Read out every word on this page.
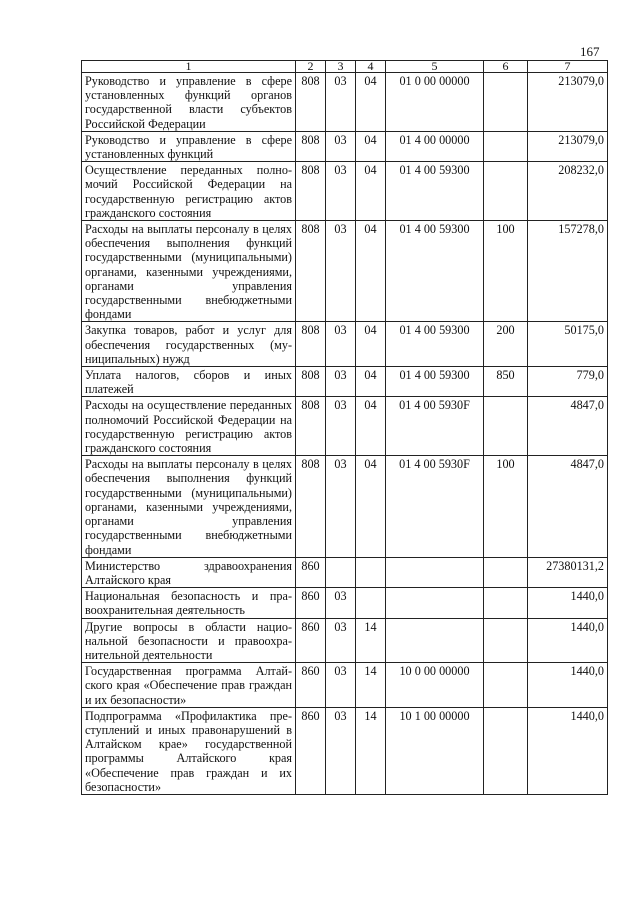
167
1	2	3	4	5	6	7
Руководство и управление в сфере установленных функций органов государственной власти субъектов Российской Федерации	808	03	04	01 0 00 00000		213079,0
Руководство и управление в сфере установленных функций	808	03	04	01 4 00 00000		213079,0
Осуществление переданных полномочий Российской Федерации на государственную регистрацию актов гражданского состояния	808	03	04	01 4 00 59300		208232,0
Расходы на выплаты персоналу в целях обеспечения выполнения функций государственными (муниципальными) органами, казенными учреждениями, органами управления государственными внебюджетными фондами	808	03	04	01 4 00 59300	100	157278,0
Закупка товаров, работ и услуг для обеспечения государственных (муниципальных) нужд	808	03	04	01 4 00 59300	200	50175,0
Уплата налогов, сборов и иных платежей	808	03	04	01 4 00 59300	850	779,0
Расходы на осуществление переданных полномочий Российской Федерации на государственную регистрацию актов гражданского состояния	808	03	04	01 4 00 5930F		4847,0
Расходы на выплаты персоналу в целях обеспечения выполнения функций государственными (муниципальными) органами, казенными учреждениями, органами управления государственными внебюджетными фондами	808	03	04	01 4 00 5930F	100	4847,0
Министерство здравоохранения Алтайского края	860					27380131,2
Национальная безопасность и правоохранительная деятельность	860	03				1440,0
Другие вопросы в области национальной безопасности и правоохранительной деятельности	860	03	14			1440,0
Государственная программа Алтайского края «Обеспечение прав граждан и их безопасности»	860	03	14	10 0 00 00000		1440,0
Подпрограмма «Профилактика преступлений и иных правонарушений в Алтайском крае» государственной программы Алтайского края «Обеспечение прав граждан и их безопасности»	860	03	14	10 1 00 00000		1440,0
